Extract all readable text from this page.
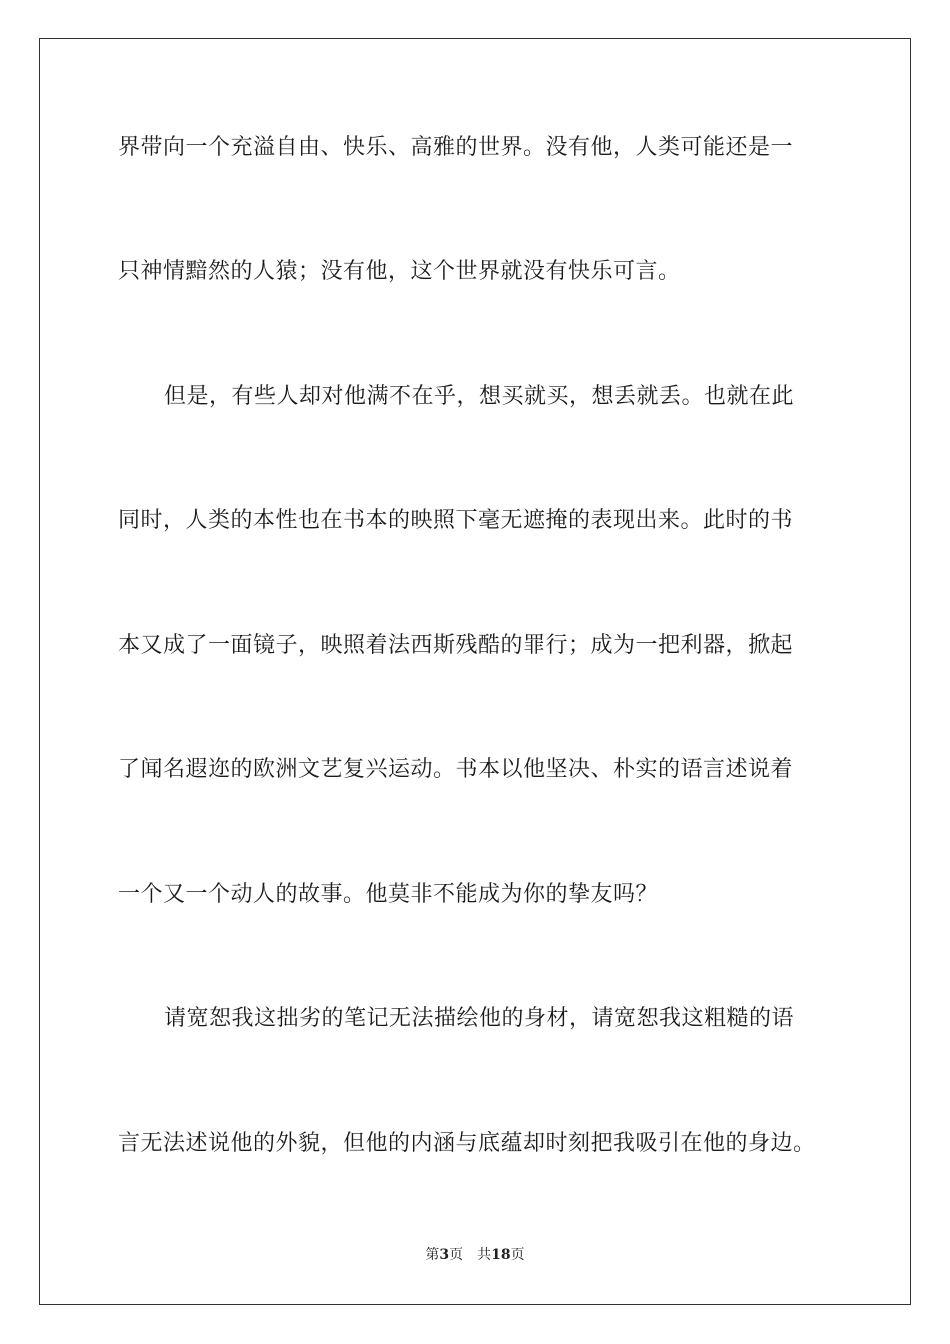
界带向一个充溢自由、快乐、高雅的世界。没有他，人类可能还是一
只神情黯然的人猿；没有他，这个世界就没有快乐可言。
但是，有些人却对他满不在乎，想买就买，想丢就丢。也就在此
同时，人类的本性也在书本的映照下毫无遮掩的表现出来。此时的书
本又成了一面镜子，映照着法西斯残酷的罪行；成为一把利器，掀起
了闻名遐迩的欧洲文艺复兴运动。书本以他坚决、朴实的语言述说着
一个又一个动人的故事。他莫非不能成为你的挚友吗？
请宽恕我这拙劣的笔记无法描绘他的身材，请宽恕我这粗糙的语
言无法述说他的外貌，但他的内涵与底蕴却时刻把我吸引在他的身边。
第3页 共18页
